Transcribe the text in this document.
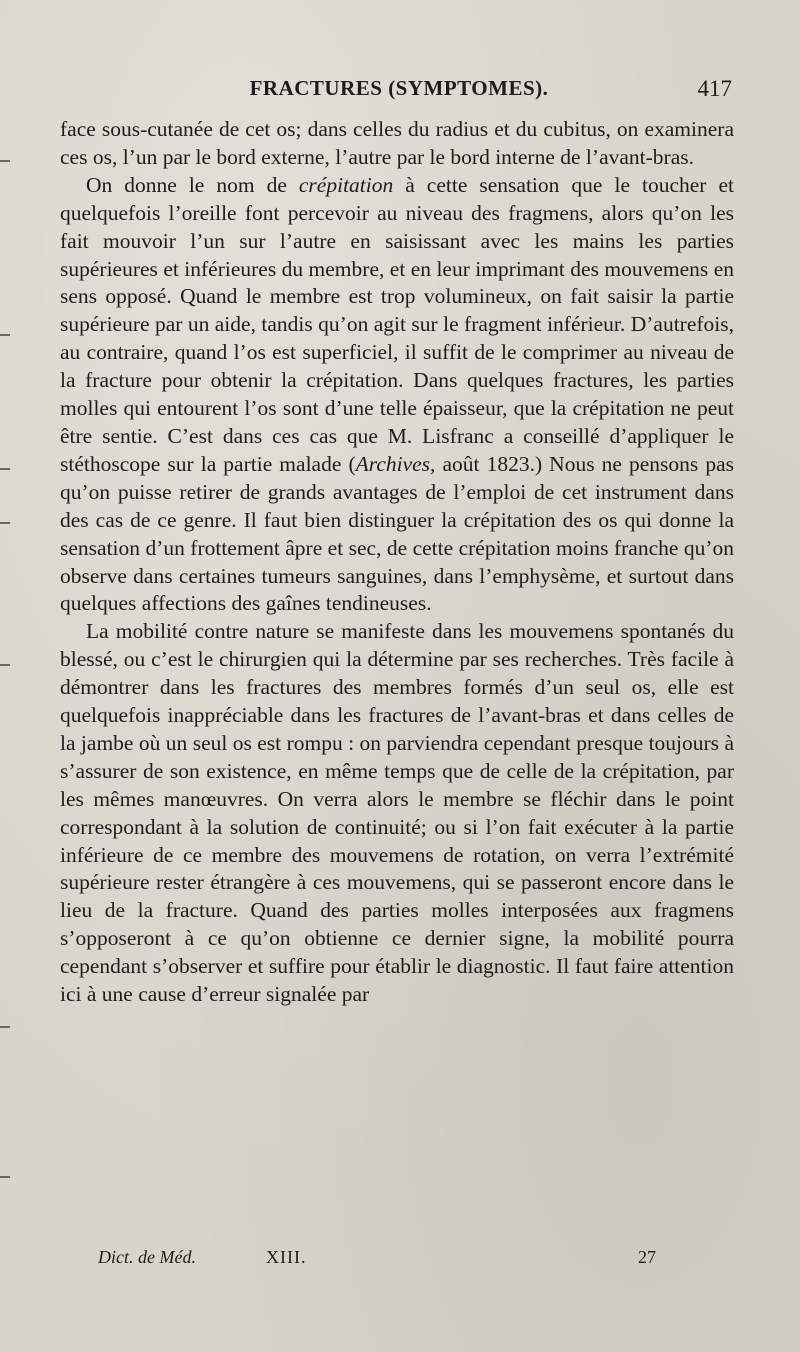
FRACTURES (SYMPTOMES).	417

face sous-cutanée de cet os; dans celles du radius et du cubitus, on examinera ces os, l’un par le bord externe, l’autre par le bord interne de l’avant-bras.

On donne le nom de crépitation à cette sensation que le toucher et quelquefois l’oreille font percevoir au niveau des fragmens, alors qu’on les fait mouvoir l’un sur l’autre en saisissant avec les mains les parties supérieures et inférieures du membre, et en leur imprimant des mouvemens en sens opposé. Quand le membre est trop volumineux, on fait saisir la partie supérieure par un aide, tandis qu’on agit sur le fragment inférieur. D’autrefois, au contraire, quand l’os est superficiel, il suffit de le comprimer au niveau de la fracture pour obtenir la crépitation. Dans quelques fractures, les parties molles qui entourent l’os sont d’une telle épaisseur, que la crépitation ne peut être sentie. C’est dans ces cas que M. Lisfranc a conseillé d’appliquer le stéthoscope sur la partie malade (Archives, août 1823.) Nous ne pensons pas qu’on puisse retirer de grands avantages de l’emploi de cet instrument dans des cas de ce genre. Il faut bien distinguer la crépitation des os qui donne la sensation d’un frottement âpre et sec, de cette crépitation moins franche qu’on observe dans certaines tumeurs sanguines, dans l’emphysème, et surtout dans quelques affections des gaînes tendineuses.

La mobilité contre nature se manifeste dans les mouvemens spontanés du blessé, ou c’est le chirurgien qui la détermine par ses recherches. Très facile à démontrer dans les fractures des membres formés d’un seul os, elle est quelquefois inappréciable dans les fractures de l’avant-bras et dans celles de la jambe où un seul os est rompu : on parviendra cependant presque toujours à s’assurer de son existence, en même temps que de celle de la crépitation, par les mêmes manœuvres. On verra alors le membre se fléchir dans le point correspondant à la solution de continuité; ou si l’on fait exécuter à la partie inférieure de ce membre des mouvemens de rotation, on verra l’extrémité supérieure rester étrangère à ces mouvemens, qui se passeront encore dans le lieu de la fracture. Quand des parties molles interposées aux fragmens s’opposeront à ce qu’on obtienne ce dernier signe, la mobilité pourra cependant s’observer et suffire pour établir le diagnostic. Il faut faire attention ici à une cause d’erreur signalée par

Dict. de Méd.	XIII.	27
